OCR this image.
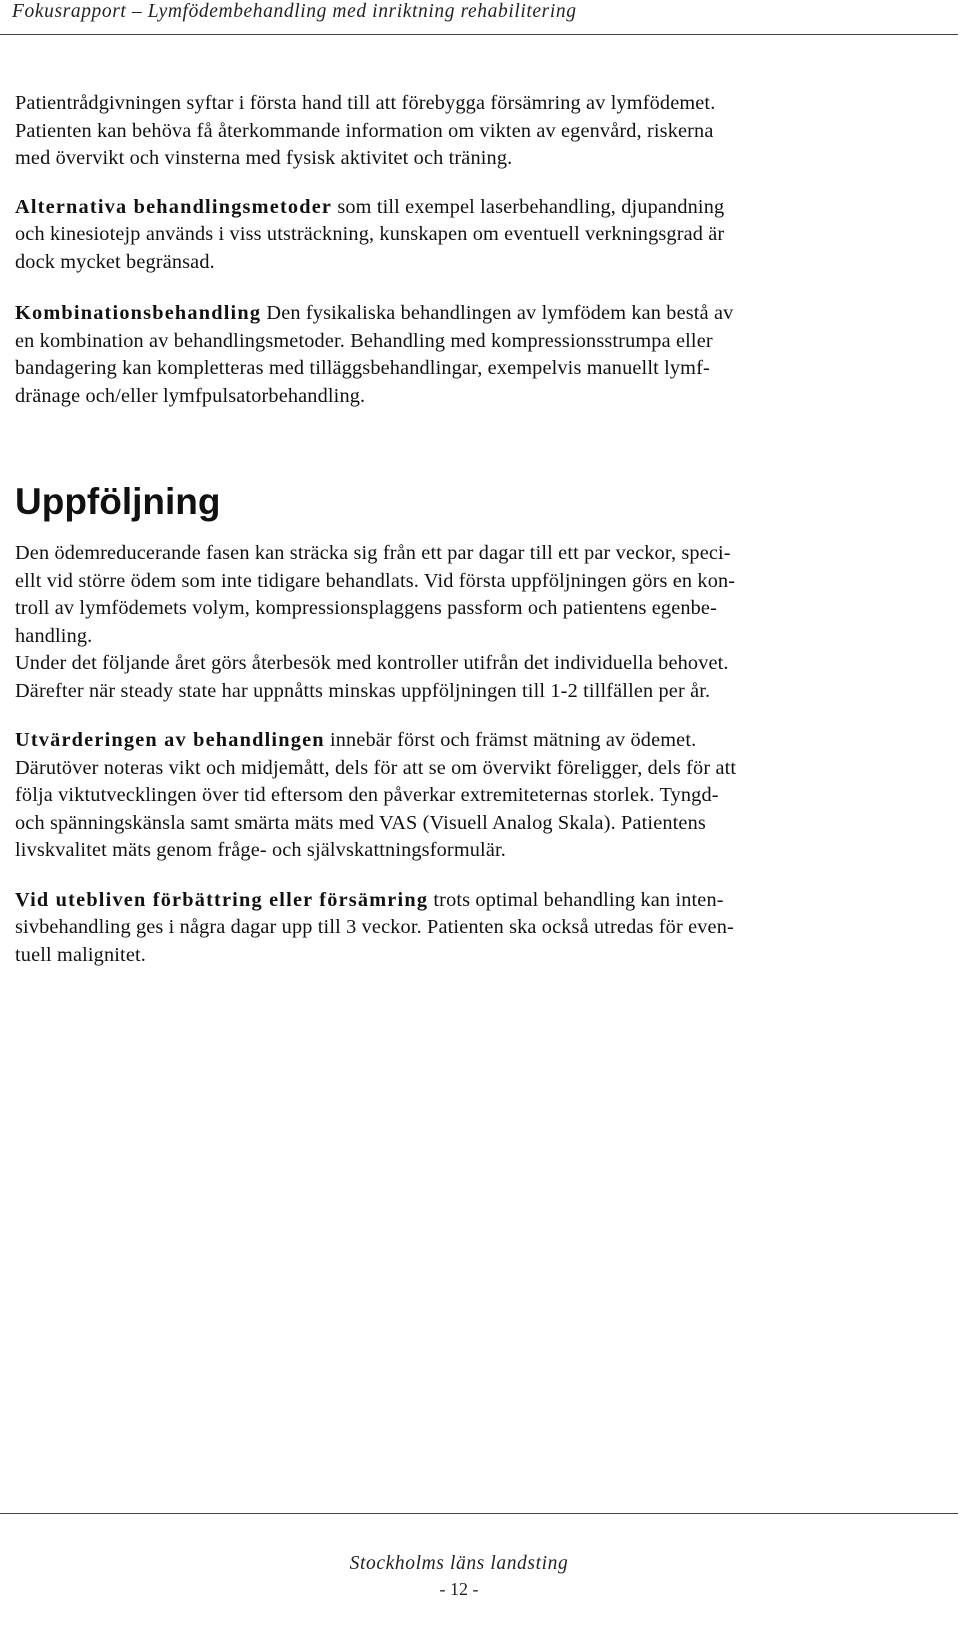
Fokusrapport – Lymfödembehandling med inriktning rehabilitering

Patientrådgivningen syftar i första hand till att förebygga försämring av lymfödemet.
Patienten kan behöva få återkommande information om vikten av egenvård, riskerna
med övervikt och vinsterna med fysisk aktivitet och träning.

Alternativa behandlingsmetoder som till exempel laserbehandling, djupandning
och kinesiotejp används i viss utsträckning, kunskapen om eventuell verkningsgrad är
dock mycket begränsad.

Kombinationsbehandling Den fysikaliska behandlingen av lymfödem kan bestå av
en kombination av behandlingsmetoder. Behandling med kompressionsstrumpa eller
bandagering kan kompletteras med tilläggsbehandlingar, exempelvis manuellt lymf-
dränage och/eller lymfpulsatorbehandling.

Uppföljning

Den ödemreducerande fasen kan sträcka sig från ett par dagar till ett par veckor, speci-
ellt vid större ödem som inte tidigare behandlats. Vid första uppföljningen görs en kon-
troll av lymfödemets volym, kompressionsplaggens passform och patientens egenbe-
handling.

Under det följande året görs återbesök med kontroller utifrån det individuella behovet.
Därefter när steady state har uppnåtts minskas uppföljningen till 1-2 tillfällen per år.

Utvärderingen av behandlingen innebär först och främst mätning av ödemet.
Därutöver noteras vikt och midjemått, dels för att se om övervikt föreligger, dels för att
följa viktutvecklingen över tid eftersom den påverkar extremiteternas storlek. Tyngd-
och spänningskänsla samt smärta mäts med VAS (Visuell Analog Skala). Patientens
livskvalitet mäts genom fråge- och självskattningsformulär.

Vid utebliven förbättring eller försämring trots optimal behandling kan inten-
sivbehandling ges i några dagar upp till 3 veckor. Patienten ska också utredas för even-
tuell malignitet.

Stockholms läns landsting
- 12 -
